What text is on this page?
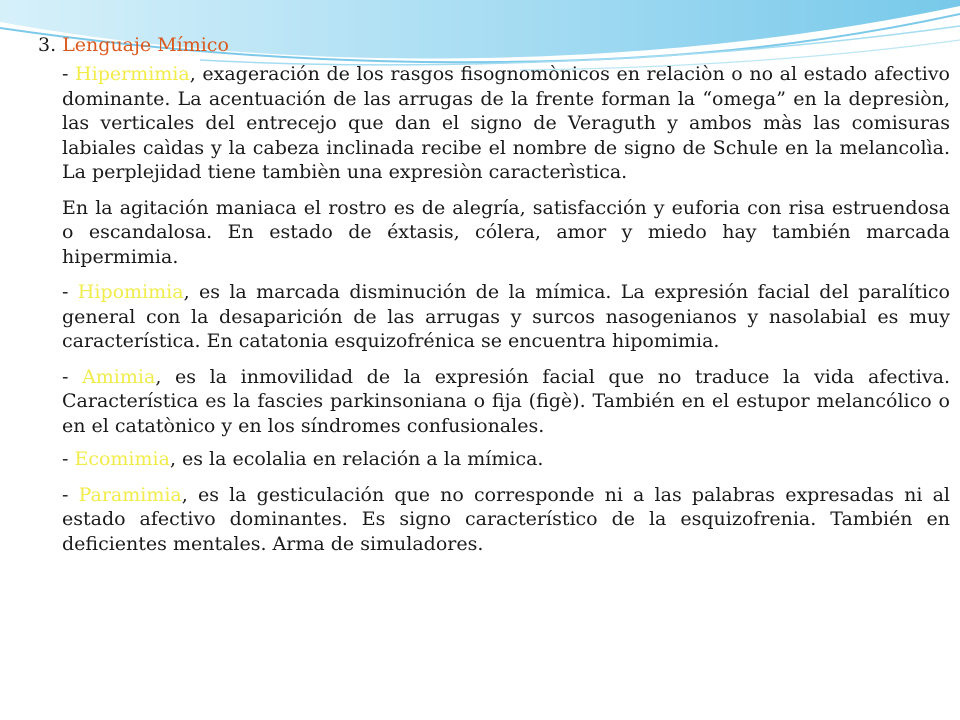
3. Lenguaje Mímico

- Hipermimia, exageración de los rasgos fisognomònicos en relaciòn o no al estado afectivo dominante. La acentuación de las arrugas de la frente forman la “omega” en la depresiòn, las verticales del entrecejo que dan el signo de Veraguth y ambos màs las comisuras labiales caìdas y la cabeza inclinada recibe el nombre de signo de Schule en la melancolìa. La perplejidad tiene tambièn una expresiòn caracterìstica.

En la agitación maniaca el rostro es de alegría, satisfacción y euforia con risa estruendosa o escandalosa. En estado de éxtasis, cólera, amor y miedo hay también marcada hipermimia.

- Hipomimia, es la marcada disminución de la mímica. La expresión facial del paralítico general con la desaparición de las arrugas y surcos nasogenianos y nasolabial es muy característica. En catatonia esquizofrénica se encuentra hipomimia.

- Amimia, es la inmovilidad de la expresión facial que no traduce la vida afectiva. Característica es la fascies parkinsoniana o fija (figè). También en el estupor melancólico o en el catatònico y en los síndromes confusionales.

- Ecomimia, es la ecolalia en relación a la mímica.

- Paramimia, es la gesticulación que no corresponde ni a las palabras expresadas ni al estado afectivo dominantes. Es signo característico de la esquizofrenia. También en deficientes mentales. Arma de simuladores.
